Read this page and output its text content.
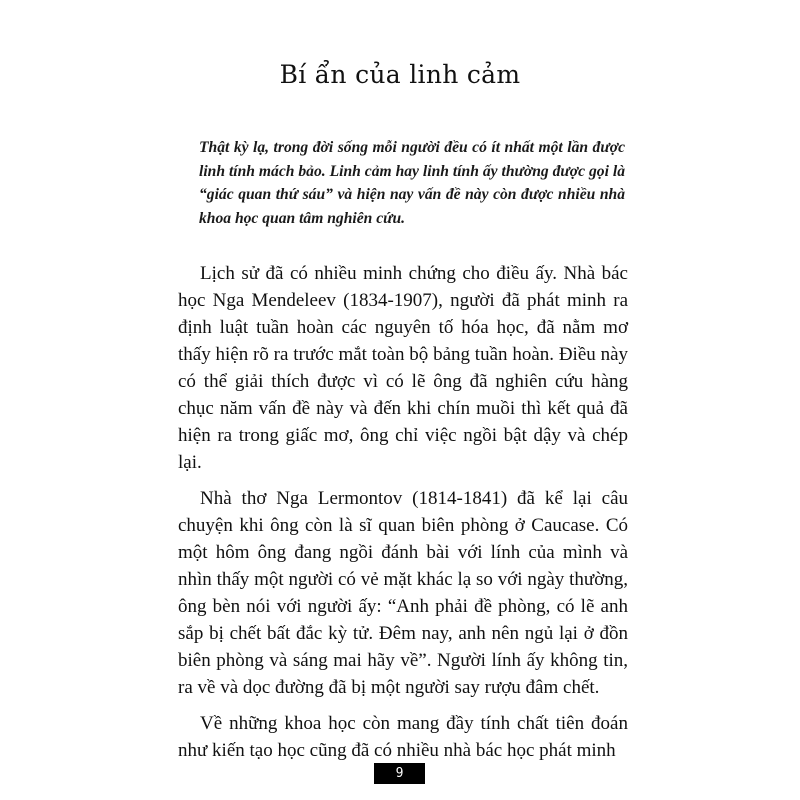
Bí ẩn của linh cảm

Thật kỳ lạ, trong đời sống mỗi người đều có ít nhất một lần được linh tính mách bảo. Linh cảm hay linh tính ấy thường được gọi là “giác quan thứ sáu” và hiện nay vấn đề này còn được nhiều nhà khoa học quan tâm nghiên cứu.

Lịch sử đã có nhiều minh chứng cho điều ấy. Nhà bác học Nga Mendeleev (1834-1907), người đã phát minh ra định luật tuần hoàn các nguyên tố hóa học, đã nằm mơ thấy hiện rõ ra trước mắt toàn bộ bảng tuần hoàn. Điều này có thể giải thích được vì có lẽ ông đã nghiên cứu hàng chục năm vấn đề này và đến khi chín muồi thì kết quả đã hiện ra trong giấc mơ, ông chỉ việc ngồi bật dậy và chép lại.

Nhà thơ Nga Lermontov (1814-1841) đã kể lại câu chuyện khi ông còn là sĩ quan biên phòng ở Caucase. Có một hôm ông đang ngồi đánh bài với lính của mình và nhìn thấy một người có vẻ mặt khác lạ so với ngày thường, ông bèn nói với người ấy: “Anh phải đề phòng, có lẽ anh sắp bị chết bất đắc kỳ tử. Đêm nay, anh nên ngủ lại ở đồn biên phòng và sáng mai hãy về”. Người lính ấy không tin, ra về và dọc đường đã bị một người say rượu đâm chết.

Về những khoa học còn mang đầy tính chất tiên đoán như kiến tạo học cũng đã có nhiều nhà bác học phát minh

9
